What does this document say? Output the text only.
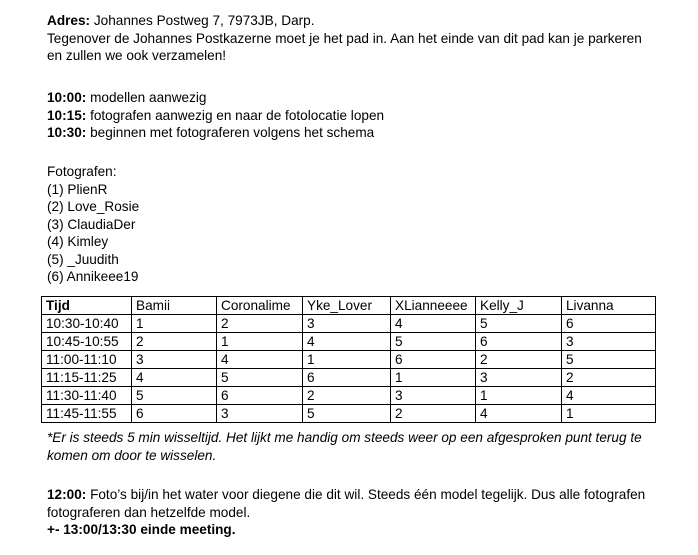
Adres: Johannes Postweg 7, 7973JB, Darp.

Tegenover de Johannes Postkazerne moet je het pad in. Aan het einde van dit pad kan je parkeren en zullen we ook verzamelen!

10:00: modellen aanwezig

10:15: fotografen aanwezig en naar de fotolocatie lopen

10:30: beginnen met fotograferen volgens het schema

Fotografen:

(1) PlienR

(2) Love_Rosie

(3) ClaudiaDer

(4) Kimley

(5) _Juudith

(6) Annikeee19

Tijd	Bamii	Coronalime	Yke_Lover	XLianneeee	Kelly_J	Livanna
10:30-10:40	1	2	3	4	5	6
10:45-10:55	2	1	4	5	6	3
11:00-11:10	3	4	1	6	2	5
11:15-11:25	4	5	6	1	3	2
11:30-11:40	5	6	2	3	1	4
11:45-11:55	6	3	5	2	4	1

*Er is steeds 5 min wisseltijd. Het lijkt me handig om steeds weer op een afgesproken punt terug te komen om door te wisselen.

12:00: Foto’s bij/in het water voor diegene die dit wil. Steeds één model tegelijk. Dus alle fotografen fotograferen dan hetzelfde model.

+- 13:00/13:30 einde meeting.
